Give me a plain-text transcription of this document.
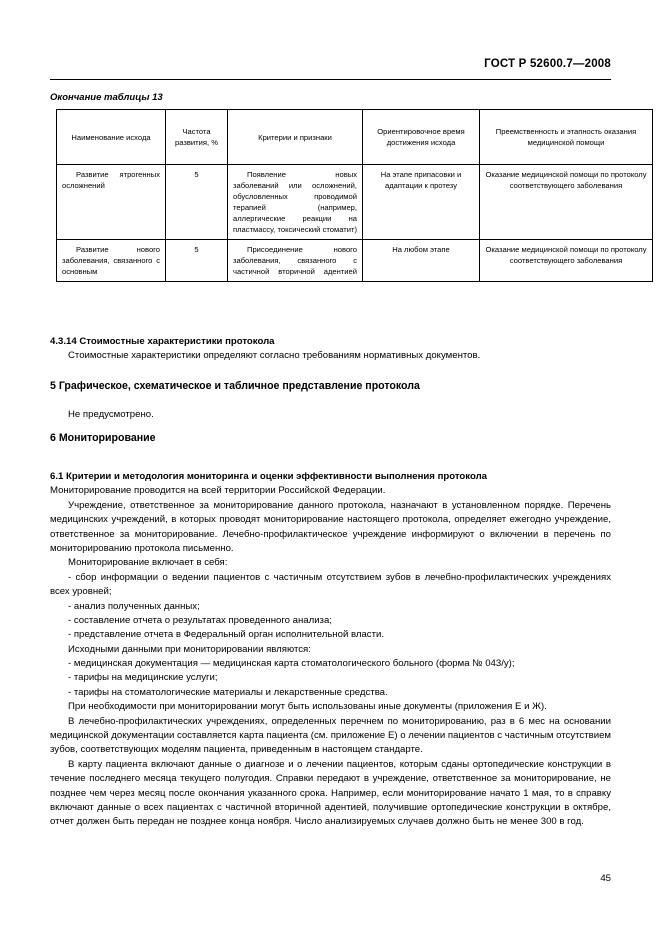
ГОСТ Р 52600.7—2008
Окончание таблицы 13
Наименование исхода	Частота развития, %	Критерии и признаки	Ориентировочное время достижения исхода	Преемственность и этапность оказания медицинской помощи
Развитие ятрогенных осложнений	5	Появление новых заболеваний или осложнений, обусловленных проводимой терапией (например, аллергические реакции на пластмассу, токсический стоматит)	На этапе припасовки и адаптации к протезу	Оказание медицинской помощи по протоколу соответствующего заболевания
Развитие нового заболевания, связанного с основным	5	Присоединение нового заболевания, связанного с частичной вторичной адентией	На любом этапе	Оказание медицинской помощи по протоколу соответствующего заболевания

4.3.14 Стоимостные характеристики протокола

Стоимостные характеристики определяют согласно требованиям нормативных документов.

5 Графическое, схематическое и табличное представление протокола

Не предусмотрено.

6 Мониторирование

6.1 Критерии и методология мониторинга и оценки эффективности выполнения протокола

Мониторирование проводится на всей территории Российской Федерации.

Учреждение, ответственное за мониторирование данного протокола, назначают в установленном порядке. Перечень медицинских учреждений, в которых проводят мониторирование настоящего протокола, определяет ежегодно учреждение, ответственное за мониторирование. Лечебно-профилактическое учреждение информируют о включении в перечень по мониторированию протокола письменно.

Мониторирование включает в себя:

- сбор информации о ведении пациентов с частичным отсутствием зубов в лечебно-профилактических учреждениях всех уровней;

- анализ полученных данных;

- составление отчета о результатах проведенного анализа;

- представление отчета в Федеральный орган исполнительной власти.

Исходными данными при мониторировании являются:

- медицинская документация — медицинская карта стоматологического больного (форма № 043/у);

- тарифы на медицинские услуги;

- тарифы на стоматологические материалы и лекарственные средства.

При необходимости при мониторировании могут быть использованы иные документы (приложения Е и Ж).

В лечебно-профилактических учреждениях, определенных перечнем по мониторированию, раз в 6 мес на основании медицинской документации составляется карта пациента (см. приложение Е) о лечении пациентов с частичным отсутствием зубов, соответствующих моделям пациента, приведенным в настоящем стандарте.

В карту пациента включают данные о диагнозе и о лечении пациентов, которым сданы ортопедические конструкции в течение последнего месяца текущего полугодия. Справки передают в учреждение, ответственное за мониторирование, не позднее чем через месяц после окончания указанного срока. Например, если мониторирование начато 1 мая, то в справку включают данные о всех пациентах с частичной вторичной адентией, получившие ортопедические конструкции в октябре, отчет должен быть передан не позднее конца ноября. Число анализируемых случаев должно быть не менее 300 в год.

45
